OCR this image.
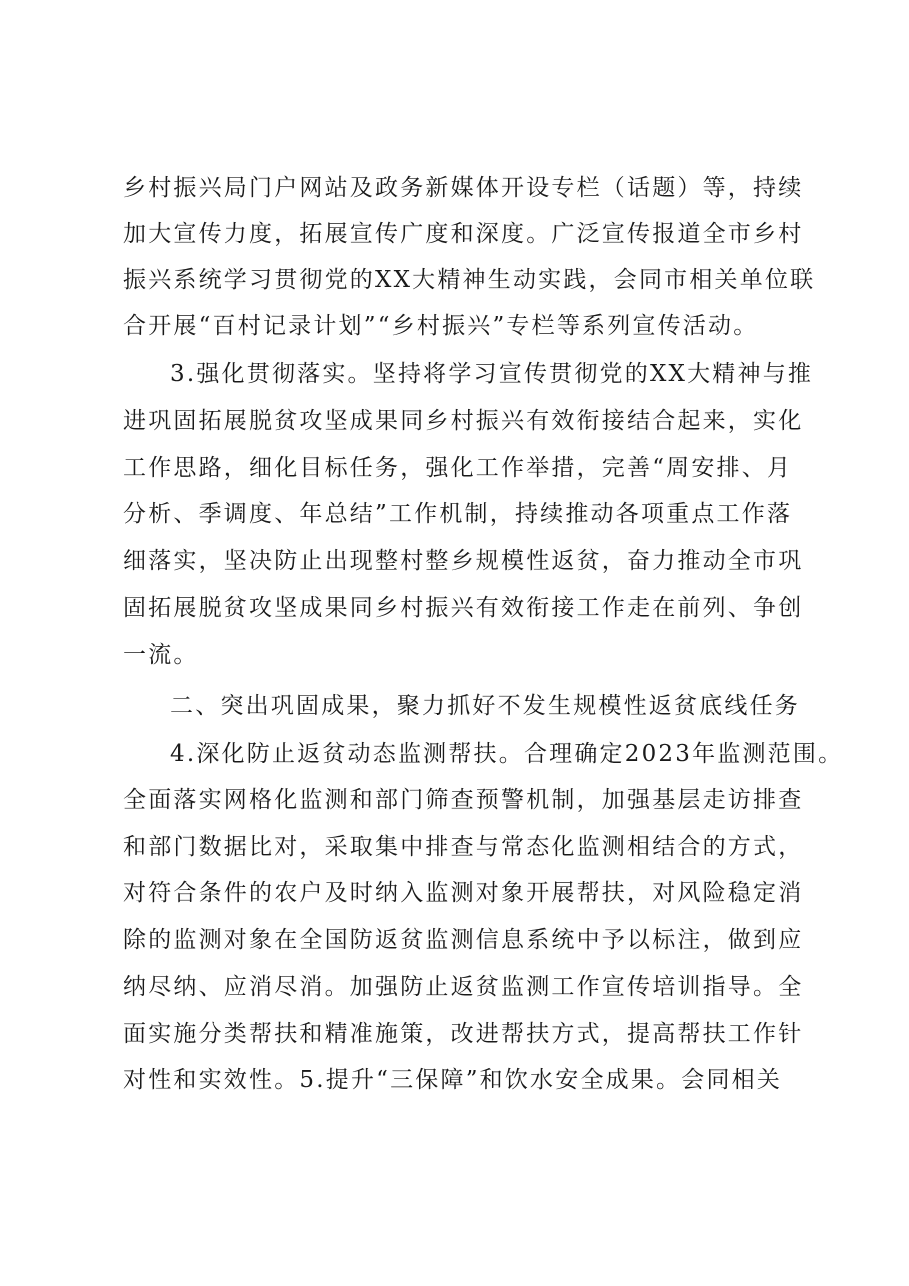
乡村振兴局门户网站及政务新媒体开设专栏（话题）等，持续
加大宣传力度，拓展宣传广度和深度。广泛宣传报道全市乡村
振兴系统学习贯彻党的XX大精神生动实践，会同市相关单位联
合开展“百村记录计划”“乡村振兴”专栏等系列宣传活动。
3.强化贯彻落实。坚持将学习宣传贯彻党的XX大精神与推
进巩固拓展脱贫攻坚成果同乡村振兴有效衔接结合起来，实化
工作思路，细化目标任务，强化工作举措，完善“周安排、月
分析、季调度、年总结”工作机制，持续推动各项重点工作落
细落实，坚决防止出现整村整乡规模性返贫，奋力推动全市巩
固拓展脱贫攻坚成果同乡村振兴有效衔接工作走在前列、争创
一流。
二、突出巩固成果，聚力抓好不发生规模性返贫底线任务
4.深化防止返贫动态监测帮扶。合理确定2023年监测范围。
全面落实网格化监测和部门筛查预警机制，加强基层走访排查
和部门数据比对，采取集中排查与常态化监测相结合的方式，
对符合条件的农户及时纳入监测对象开展帮扶，对风险稳定消
除的监测对象在全国防返贫监测信息系统中予以标注，做到应
纳尽纳、应消尽消。加强防止返贫监测工作宣传培训指导。全
面实施分类帮扶和精准施策，改进帮扶方式，提高帮扶工作针
对性和实效性。5.提升“三保障”和饮水安全成果。会同相关
